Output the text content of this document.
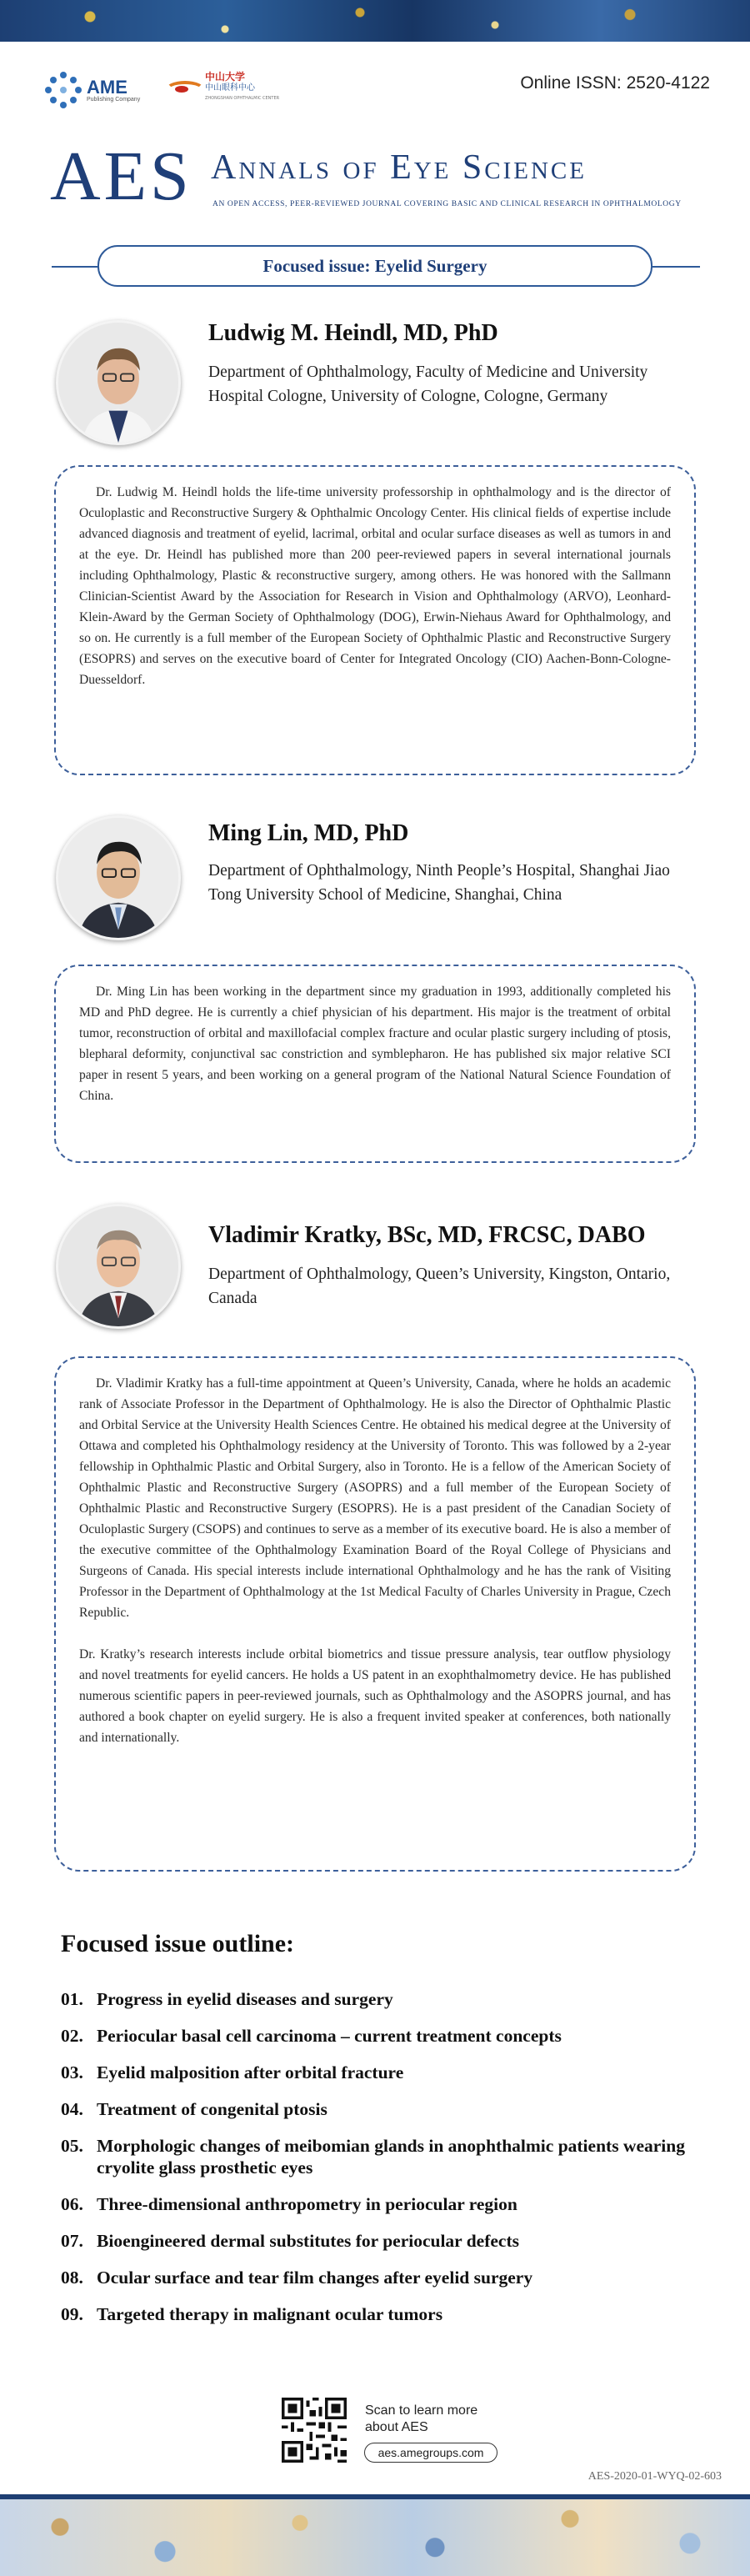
AME
Publishing Company
中山大学
中山眼科中心
ZHONGSHAN OPHTHALMIC CENTER
Online ISSN: 2520-4122
AES Annals of Eye Science
AN OPEN ACCESS, PEER-REVIEWED JOURNAL COVERING BASIC AND CLINICAL RESEARCH IN OPHTHALMOLOGY
Focused issue: Eyelid Surgery
Ludwig M. Heindl, MD, PhD
Department of Ophthalmology, Faculty of Medicine and University Hospital Cologne, University of Cologne, Cologne, Germany

Dr. Ludwig M. Heindl holds the life-time university professorship in ophthalmology and is the director of Oculoplastic and Reconstructive Surgery & Ophthalmic Oncology Center. His clinical fields of expertise include advanced diagnosis and treatment of eyelid, lacrimal, orbital and ocular surface diseases as well as tumors in and at the eye. Dr. Heindl has published more than 200 peer-reviewed papers in several international journals including Ophthalmology, Plastic & reconstructive surgery, among others. He was honored with the Sallmann Clinician-Scientist Award by the Association for Research in Vision and Ophthalmology (ARVO), Leonhard-Klein-Award by the German Society of Ophthalmology (DOG), Erwin-Niehaus Award for Ophthalmology, and so on. He currently is a full member of the European Society of Ophthalmic Plastic and Reconstructive Surgery (ESOPRS) and serves on the executive board of Center for Integrated Oncology (CIO) Aachen-Bonn-Cologne-Duesseldorf.

Ming Lin, MD, PhD
Department of Ophthalmology, Ninth People’s Hospital, Shanghai Jiao Tong University School of Medicine, Shanghai, China

Dr. Ming Lin has been working in the department since my graduation in 1993, additionally completed his MD and PhD degree. He is currently a chief physician of his department. His major is the treatment of orbital tumor, reconstruction of orbital and maxillofacial complex fracture and ocular plastic surgery including of ptosis, blepharal deformity, conjunctival sac constriction and symblepharon. He has published six major relative SCI paper in resent 5 years, and been working on a general program of the National Natural Science Foundation of China.

Vladimir Kratky, BSc, MD, FRCSC, DABO
Department of Ophthalmology, Queen’s University, Kingston, Ontario, Canada

Dr. Vladimir Kratky has a full-time appointment at Queen’s University, Canada, where he holds an academic rank of Associate Professor in the Department of Ophthalmology. He is also the Director of Ophthalmic Plastic and Orbital Service at the University Health Sciences Centre. He obtained his medical degree at the University of Ottawa and completed his Ophthalmology residency at the University of Toronto. This was followed by a 2-year fellowship in Ophthalmic Plastic and Orbital Surgery, also in Toronto. He is a fellow of the American Society of Ophthalmic Plastic and Reconstructive Surgery (ASOPRS) and a full member of the European Society of Ophthalmic Plastic and Reconstructive Surgery (ESOPRS). He is a past president of the Canadian Society of Oculoplastic Surgery (CSOPS) and continues to serve as a member of its executive board. He is also a member of the executive committee of the Ophthalmology Examination Board of the Royal College of Physicians and Surgeons of Canada. His special interests include international Ophthalmology and he has the rank of Visiting Professor in the Department of Ophthalmology at the 1st Medical Faculty of Charles University in Prague, Czech Republic.

Dr. Kratky’s research interests include orbital biometrics and tissue pressure analysis, tear outflow physiology and novel treatments for eyelid cancers. He holds a US patent in an exophthalmometry device. He has published numerous scientific papers in peer-reviewed journals, such as Ophthalmology and the ASOPRS journal, and has authored a book chapter on eyelid surgery. He is also a frequent invited speaker at conferences, both nationally and internationally.

Focused issue outline:
01. Progress in eyelid diseases and surgery
02. Periocular basal cell carcinoma – current treatment concepts
03. Eyelid malposition after orbital fracture
04. Treatment of congenital ptosis
05. Morphologic changes of meibomian glands in anophthalmic patients wearing cryolite glass prosthetic eyes
06. Three-dimensional anthropometry in periocular region
07. Bioengineered dermal substitutes for periocular defects
08. Ocular surface and tear film changes after eyelid surgery
09. Targeted therapy in malignant ocular tumors
Scan to learn more about AES
aes.amegroups.com
AES-2020-01-WYQ-02-603
